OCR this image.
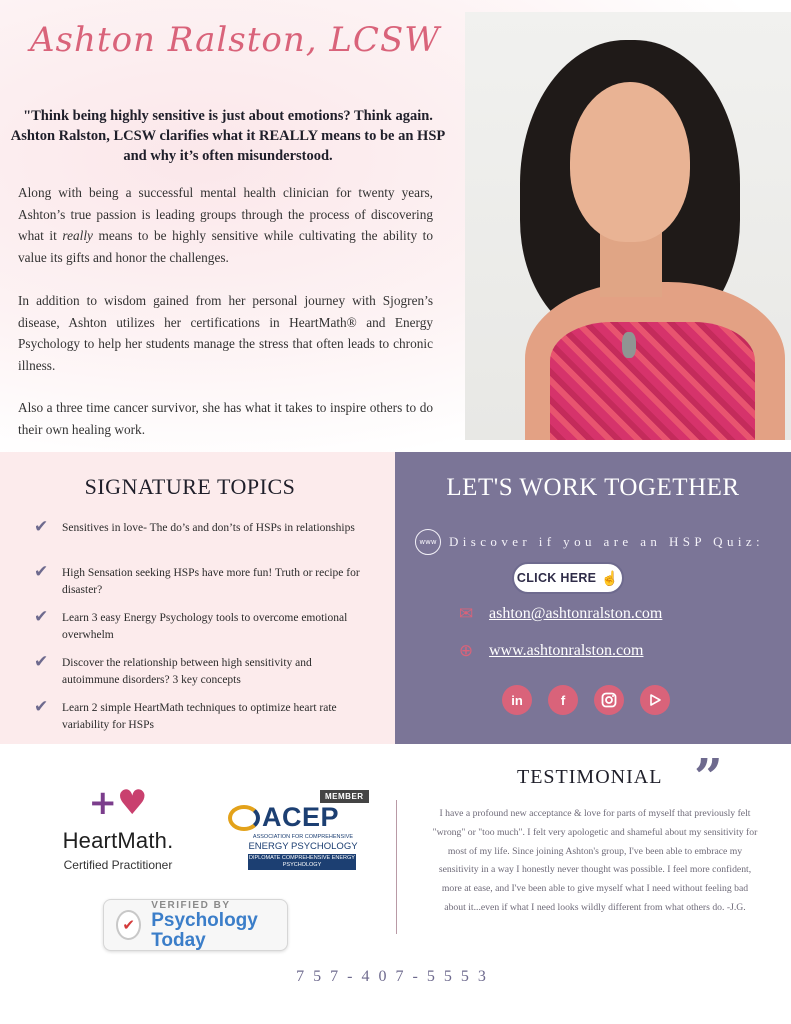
Ashton Ralston, LCSW
"Think being highly sensitive is just about emotions? Think again. Ashton Ralston, LCSW clarifies what it REALLY means to be an HSP and why it’s often misunderstood.
Along with being a successful mental health clinician for twenty years, Ashton’s true passion is leading groups through the process of discovering what it really means to be highly sensitive while cultivating the ability to value its gifts and honor the challenges.
In addition to wisdom gained from her personal journey with Sjogren’s disease, Ashton utilizes her certifications in HeartMath® and Energy Psychology to help her students manage the stress that often leads to chronic illness.
Also a three time cancer survivor, she has what it takes to inspire others to do their own healing work.
SIGNATURE TOPICS
✔	Sensitives in love- The do’s and don’ts of HSPs in relationships
✔	High Sensation seeking HSPs have more fun! Truth or recipe for disaster?
✔	Learn 3 easy Energy Psychology tools to overcome emotional overwhelm
✔	Discover the relationship between high sensitivity and autoimmune disorders? 3 key concepts
✔	Learn 2 simple HeartMath techniques to optimize heart rate variability for HSPs
LET'S WORK TOGETHER
www Discover if you are an HSP Quiz:
CLICK HERE ☝
✉ ashton@ashtonralston.com
⊕ www.ashtonralston.com
in	f
+♥
HeartMath.
Certified Practitioner
MEMBER
ACEP
ASSOCIATION FOR COMPREHENSIVE
ENERGY PSYCHOLOGY
DIPLOMATE COMPREHENSIVE ENERGY PSYCHOLOGY
✔
VERIFIED BY
Psychology Today
TESTIMONIAL ”
I have a profound new acceptance & love for parts of myself that previously felt "wrong" or "too much". I felt very apologetic and shameful about my sensitivity for most of my life. Since joining Ashton's group, I've been able to embrace my sensitivity in a way I honestly never thought was possible. I feel more confident, more at ease, and I've been able to give myself what I need without feeling bad about it...even if what I need looks wildly different from what others do. -J.G.
757-407-5553
